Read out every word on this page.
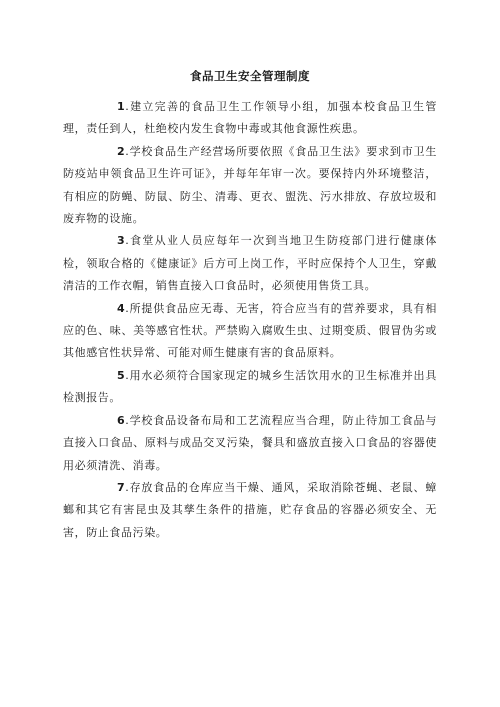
食品卫生安全管理制度

1.建立完善的食品卫生工作领导小组，加强本校食品卫生管理，责任到人，杜绝校内发生食物中毒或其他食源性疾患。

2.学校食品生产经营场所要依照《食品卫生法》要求到市卫生防疫站申领食品卫生许可证》，并每年年审一次。要保持内外环境整洁，有相应的防蝇、防鼠、防尘、清毒、更衣、盥洗、污水排放、存放垃圾和废弃物的设施。

3.食堂从业人员应每年一次到当地卫生防疫部门进行健康体检，领取合格的《健康证》后方可上岗工作，平时应保持个人卫生，穿戴清洁的工作衣帽，销售直接入口食品时，必须使用售货工具。

4.所提供食品应无毒、无害，符合应当有的营养要求，具有相应的色、味、美等感官性状。严禁购入腐败生虫、过期变质、假冒伪劣或其他感官性状异常、可能对师生健康有害的食品原料。

5.用水必须符合国家现定的城乡生活饮用水的卫生标准并出具检测报告。

6.学校食品设备布局和工艺流程应当合理，防止待加工食品与直接入口食品、原料与成品交叉污染，餐具和盛放直接入口食品的容器使用必须清洗、消毒。

7.存放食品的仓库应当干燥、通风，采取消除苍蝇、老鼠、蟑螂和其它有害昆虫及其孳生条件的措施，贮存食品的容器必须安全、无害，防止食品污染。
